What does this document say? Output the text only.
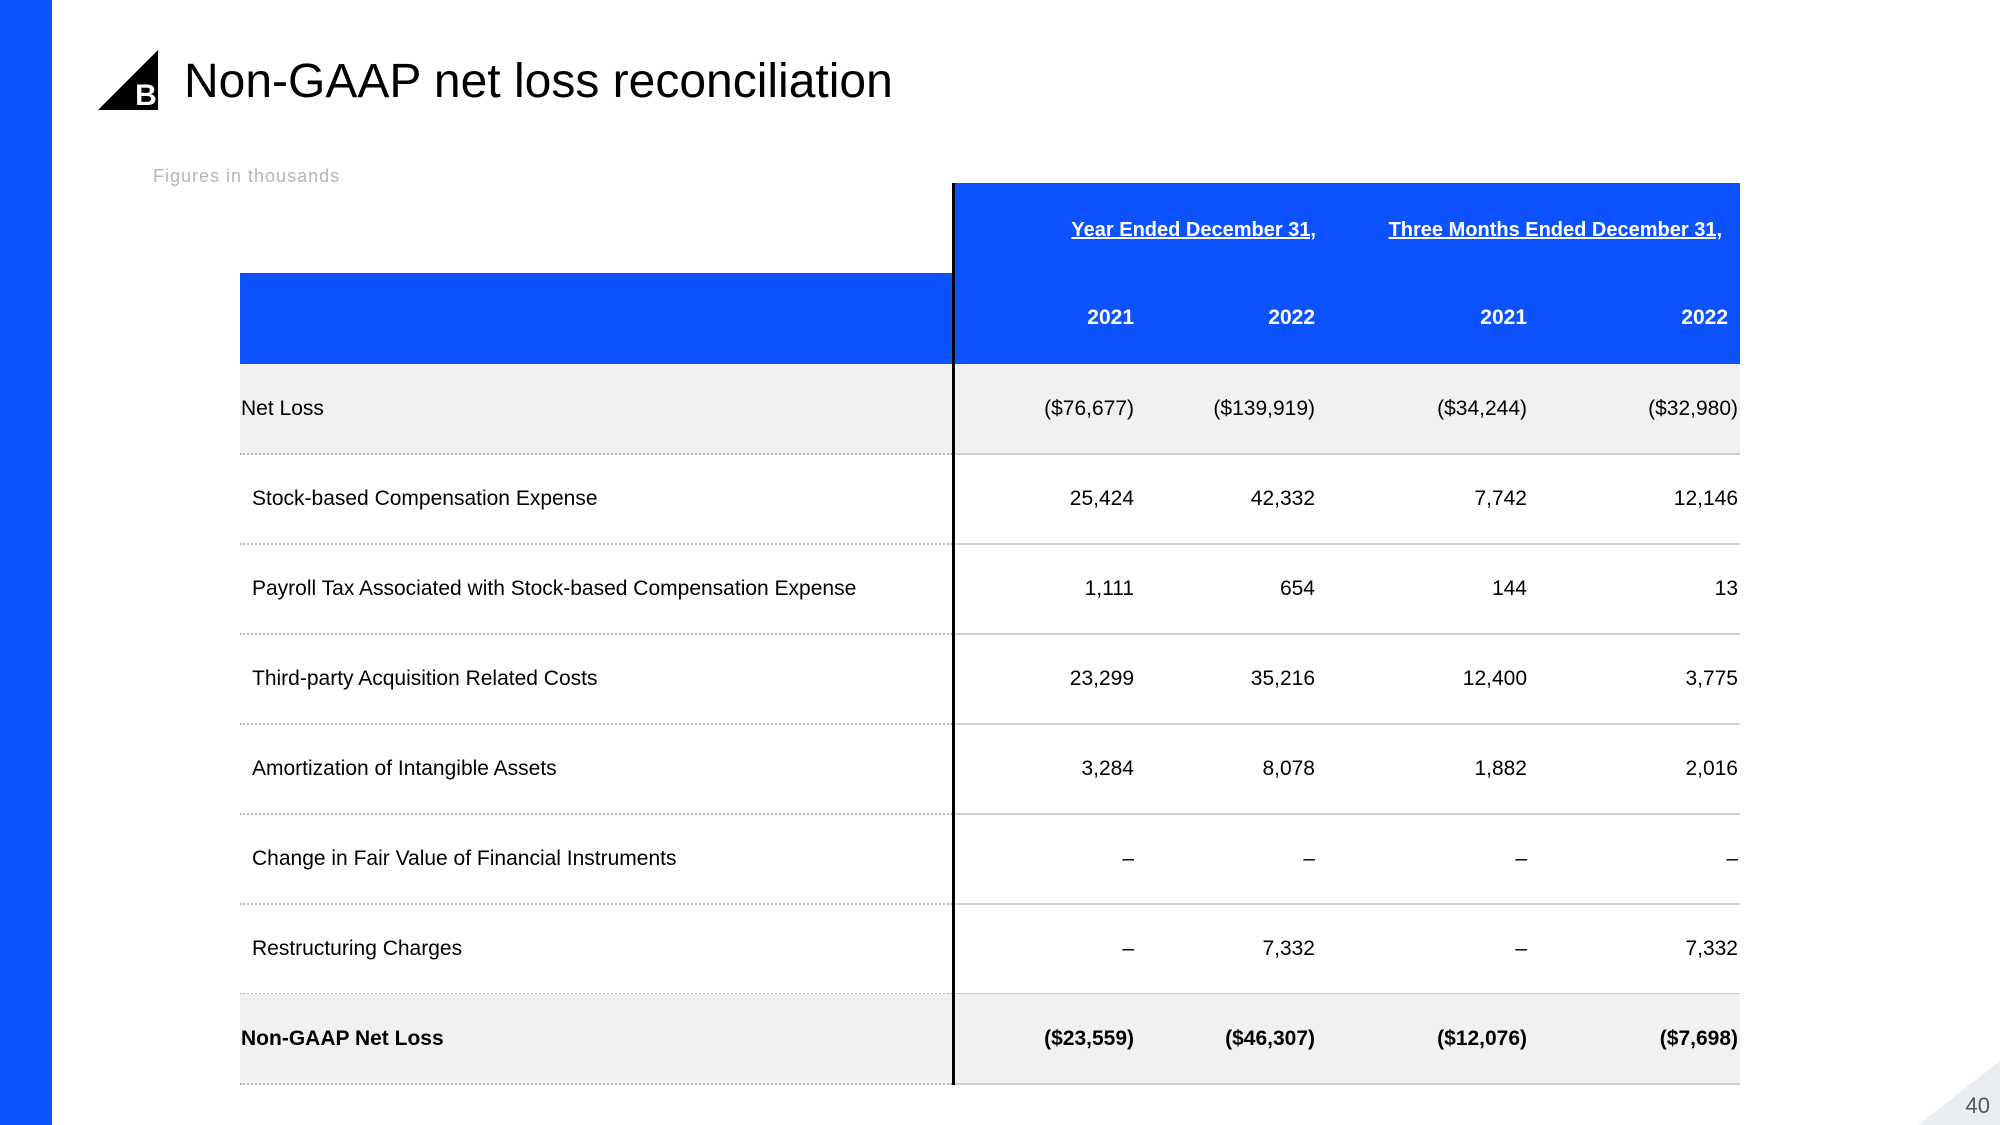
B Non-GAAP net loss reconciliation
Figures in thousands
Year Ended December 31,	Three Months Ended December 31,
2021	2022	2021	2022
Net Loss	($76,677)	($139,919)	($34,244)	($32,980)
Stock-based Compensation Expense	25,424	42,332	7,742	12,146
Payroll Tax Associated with Stock-based Compensation Expense	1,111	654	144	13
Third-party Acquisition Related Costs	23,299	35,216	12,400	3,775
Amortization of Intangible Assets	3,284	8,078	1,882	2,016
Change in Fair Value of Financial Instruments	–	–	–	–
Restructuring Charges	–	7,332	–	7,332
Non-GAAP Net Loss	($23,559)	($46,307)	($12,076)	($7,698)
40
